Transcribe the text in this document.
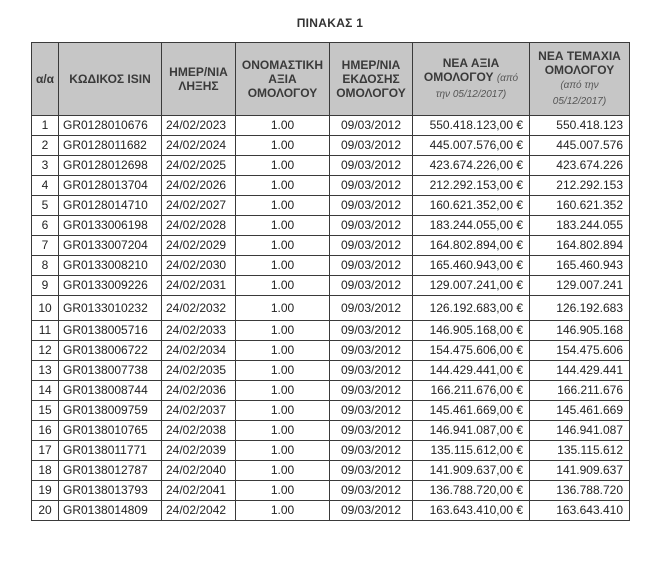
ΠΙΝΑΚΑΣ 1
α/α	ΚΩΔΙΚΟΣ ISIN	ΗΜΕΡ/ΝΙΑ ΛΗΞΗΣ	ΟΝΟΜΑΣΤΙΚΗ ΑΞΙΑ ΟΜΟΛΟΓΟΥ	ΗΜΕΡ/ΝΙΑ ΕΚΔΟΣΗΣ ΟΜΟΛΟΓΟΥ	ΝΕΑ ΑΞΙΑ ΟΜΟΛΟΓΟΥ (από την 05/12/2017)	ΝΕΑ ΤΕΜΑΧΙΑ ΟΜΟΛΟΓΟΥ
(από την 05/12/2017)
1	GR0128010676	24/02/2023	1.00	09/03/2012	550.418.123,00 €	550.418.123
2	GR0128011682	24/02/2024	1.00	09/03/2012	445.007.576,00 €	445.007.576
3	GR0128012698	24/02/2025	1.00	09/03/2012	423.674.226,00 €	423.674.226
4	GR0128013704	24/02/2026	1.00	09/03/2012	212.292.153,00 €	212.292.153
5	GR0128014710	24/02/2027	1.00	09/03/2012	160.621.352,00 €	160.621.352
6	GR0133006198	24/02/2028	1.00	09/03/2012	183.244.055,00 €	183.244.055
7	GR0133007204	24/02/2029	1.00	09/03/2012	164.802.894,00 €	164.802.894
8	GR0133008210	24/02/2030	1.00	09/03/2012	165.460.943,00 €	165.460.943
9	GR0133009226	24/02/2031	1.00	09/03/2012	129.007.241,00 €	129.007.241
10	GR0133010232	24/02/2032	1.00	09/03/2012	126.192.683,00 €	126.192.683
11	GR0138005716	24/02/2033	1.00	09/03/2012	146.905.168,00 €	146.905.168
12	GR0138006722	24/02/2034	1.00	09/03/2012	154.475.606,00 €	154.475.606
13	GR0138007738	24/02/2035	1.00	09/03/2012	144.429.441,00 €	144.429.441
14	GR0138008744	24/02/2036	1.00	09/03/2012	166.211.676,00 €	166.211.676
15	GR0138009759	24/02/2037	1.00	09/03/2012	145.461.669,00 €	145.461.669
16	GR0138010765	24/02/2038	1.00	09/03/2012	146.941.087,00 €	146.941.087
17	GR0138011771	24/02/2039	1.00	09/03/2012	135.115.612,00 €	135.115.612
18	GR0138012787	24/02/2040	1.00	09/03/2012	141.909.637,00 €	141.909.637
19	GR0138013793	24/02/2041	1.00	09/03/2012	136.788.720,00 €	136.788.720
20	GR0138014809	24/02/2042	1.00	09/03/2012	163.643.410,00 €	163.643.410
